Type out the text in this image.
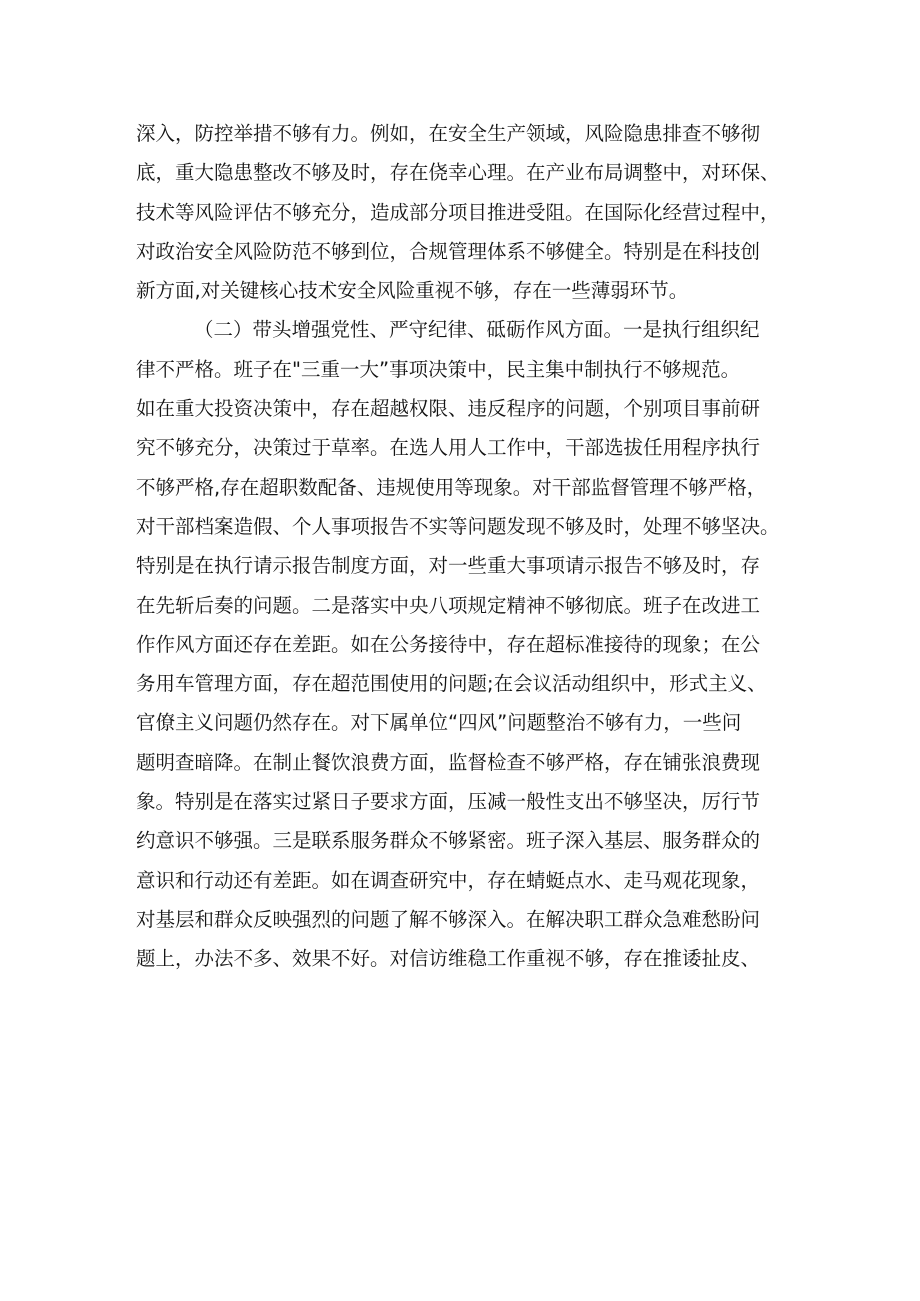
深入，防控举措不够有力。例如，在安全生产领域，风险隐患排查不够彻
底，重大隐患整改不够及时，存在侥幸心理。在产业布局调整中，对环保、
技术等风险评估不够充分，造成部分项目推进受阻。在国际化经营过程中，
对政治安全风险防范不够到位，合规管理体系不够健全。特别是在科技创
新方面,对关键核心技术安全风险重视不够，存在一些薄弱环节。
（二）带头增强党性、严守纪律、砥砺作风方面。一是执行组织纪
律不严格。班子在"三重一大”事项决策中，民主集中制执行不够规范。
如在重大投资决策中，存在超越权限、违反程序的问题，个别项目事前研
究不够充分，决策过于草率。在选人用人工作中，干部选拔任用程序执行
不够严格,存在超职数配备、违规使用等现象。对干部监督管理不够严格，
对干部档案造假、个人事项报告不实等问题发现不够及时，处理不够坚决。
特别是在执行请示报告制度方面，对一些重大事项请示报告不够及时，存
在先斩后奏的问题。二是落实中央八项规定精神不够彻底。班子在改进工
作作风方面还存在差距。如在公务接待中，存在超标准接待的现象；在公
务用车管理方面，存在超范围使用的问题;在会议活动组织中，形式主义、
官僚主义问题仍然存在。对下属单位“四风”问题整治不够有力，一些问
题明查暗降。在制止餐饮浪费方面，监督检查不够严格，存在铺张浪费现
象。特别是在落实过紧日子要求方面，压减一般性支出不够坚决，厉行节
约意识不够强。三是联系服务群众不够紧密。班子深入基层、服务群众的
意识和行动还有差距。如在调查研究中，存在蜻蜓点水、走马观花现象，
对基层和群众反映强烈的问题了解不够深入。在解决职工群众急难愁盼问
题上，办法不多、效果不好。对信访维稳工作重视不够，存在推诿扯皮、
